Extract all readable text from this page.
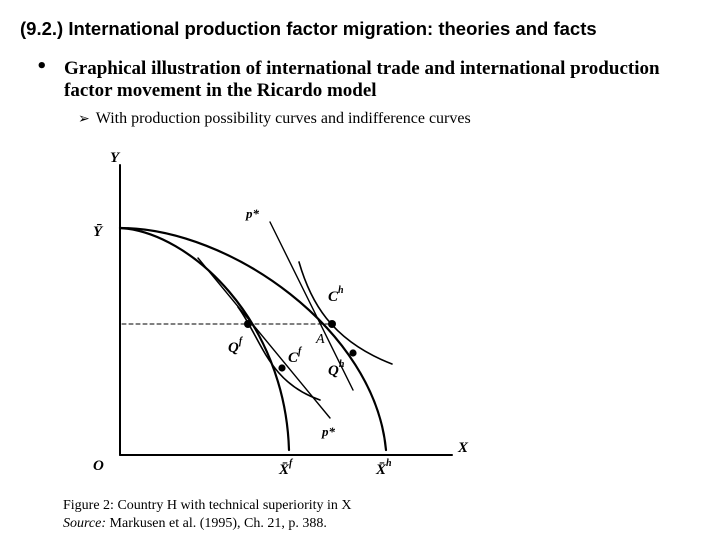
(9.2.) International production factor migration: theories and facts
• Graphical illustration of international trade and international production factor movement in the Ricardo model
➢ With production possibility curves and indifference curves
Y
X
O
Ȳ
X̄$^f$	X̄$^h$
p*
p*
$C^h$
A
$Q^f$
$C^f$
$Q^h$
Figure 2: Country H with technical superiority in X
Source: Markusen et al. (1995), Ch. 21, p. 388.
